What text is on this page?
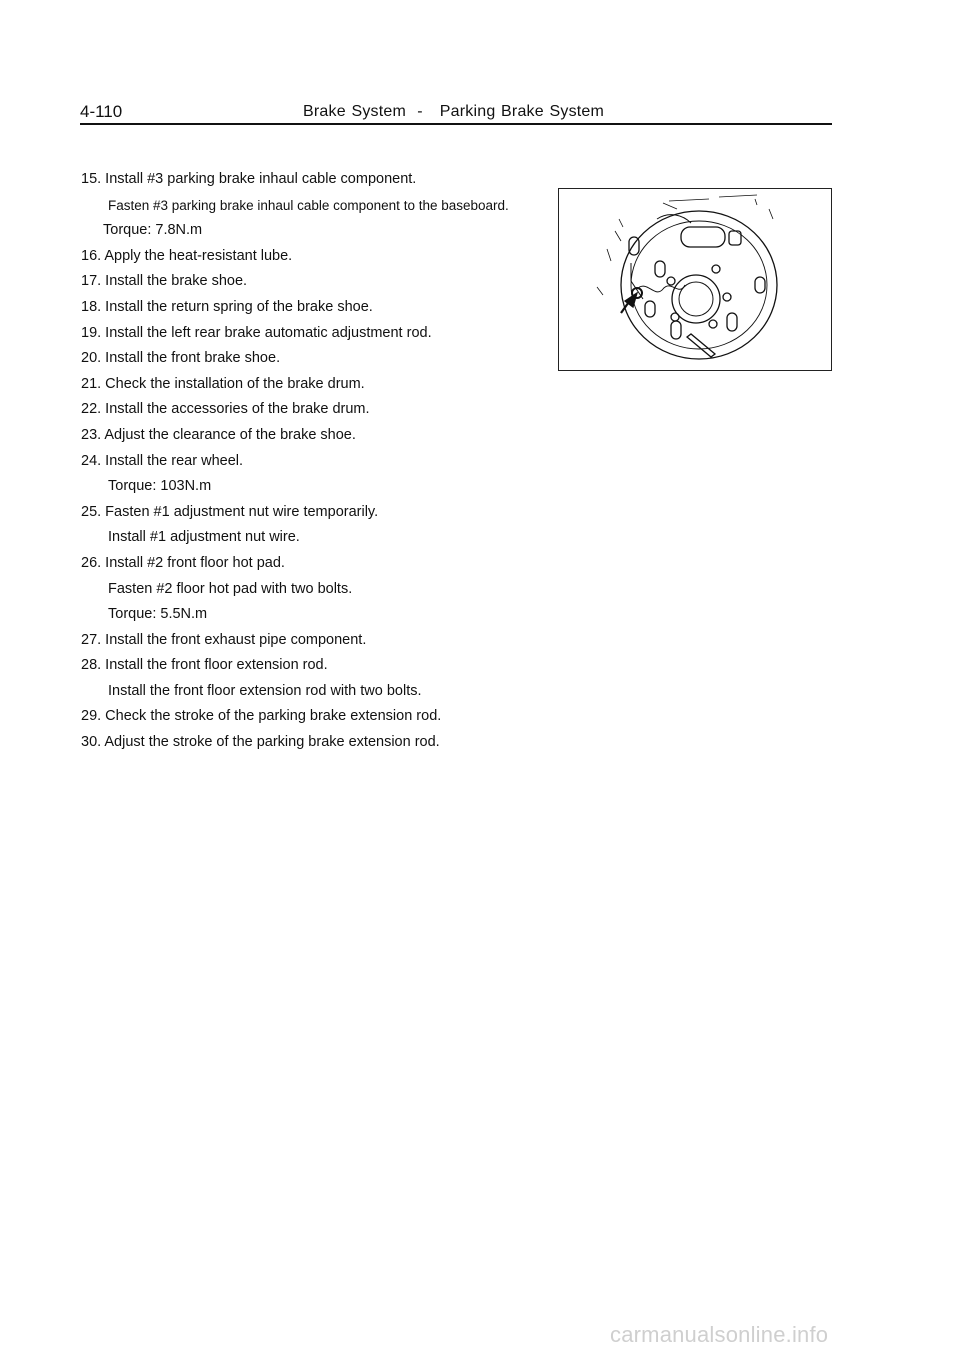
4-110	Brake System - Parking Brake System
15. Install #3 parking brake inhaul cable component.
Fasten #3 parking brake inhaul cable component to the baseboard.
Torque: 7.8N.m
16. Apply the heat-resistant lube.
17. Install the brake shoe.
18. Install the return spring of the brake shoe.
19. Install the left rear brake automatic adjustment rod.
20. Install the front brake shoe.
21. Check the installation of the brake drum.
22. Install the accessories of the brake drum.
23. Adjust the clearance of the brake shoe.
24. Install the rear wheel.
Torque: 103N.m
25. Fasten #1 adjustment nut wire temporarily.
Install #1 adjustment nut wire.
26. Install #2 front floor hot pad.
Fasten #2 floor hot pad with two bolts.
Torque: 5.5N.m
27. Install the front exhaust pipe component.
28. Install the front floor extension rod.
Install the front floor extension rod with two bolts.
29. Check the stroke of the parking brake extension rod.
30. Adjust the stroke of the parking brake extension rod.
carmanualsonline.info
